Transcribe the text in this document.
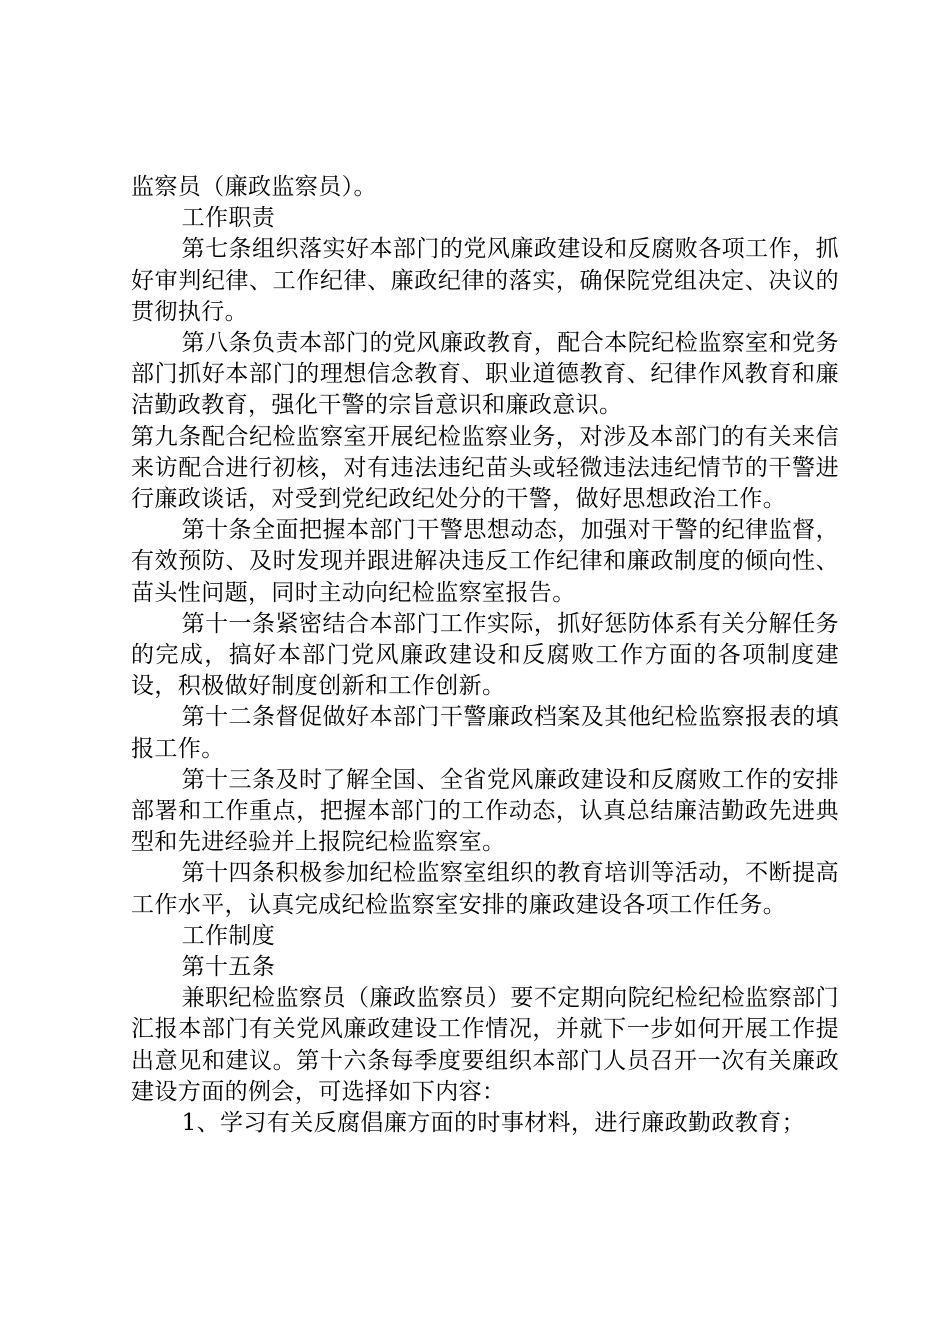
监察员（廉政监察员）。

工作职责

第七条组织落实好本部门的党风廉政建设和反腐败各项工作，抓好审判纪律、工作纪律、廉政纪律的落实，确保院党组决定、决议的贯彻执行。

第八条负责本部门的党风廉政教育，配合本院纪检监察室和党务部门抓好本部门的理想信念教育、职业道德教育、纪律作风教育和廉洁勤政教育，强化干警的宗旨意识和廉政意识。

第九条配合纪检监察室开展纪检监察业务，对涉及本部门的有关来信来访配合进行初核，对有违法违纪苗头或轻微违法违纪情节的干警进行廉政谈话，对受到党纪政纪处分的干警，做好思想政治工作。

第十条全面把握本部门干警思想动态，加强对干警的纪律监督，有效预防、及时发现并跟进解决违反工作纪律和廉政制度的倾向性、苗头性问题，同时主动向纪检监察室报告。

第十一条紧密结合本部门工作实际，抓好惩防体系有关分解任务的完成，搞好本部门党风廉政建设和反腐败工作方面的各项制度建设，积极做好制度创新和工作创新。

第十二条督促做好本部门干警廉政档案及其他纪检监察报表的填报工作。

第十三条及时了解全国、全省党风廉政建设和反腐败工作的安排部署和工作重点，把握本部门的工作动态，认真总结廉洁勤政先进典型和先进经验并上报院纪检监察室。

第十四条积极参加纪检监察室组织的教育培训等活动，不断提高工作水平，认真完成纪检监察室安排的廉政建设各项工作任务。

工作制度

第十五条

兼职纪检监察员（廉政监察员）要不定期向院纪检纪检监察部门汇报本部门有关党风廉政建设工作情况，并就下一步如何开展工作提出意见和建议。第十六条每季度要组织本部门人员召开一次有关廉政建设方面的例会，可选择如下内容：

1、学习有关反腐倡廉方面的时事材料，进行廉政勤政教育；
